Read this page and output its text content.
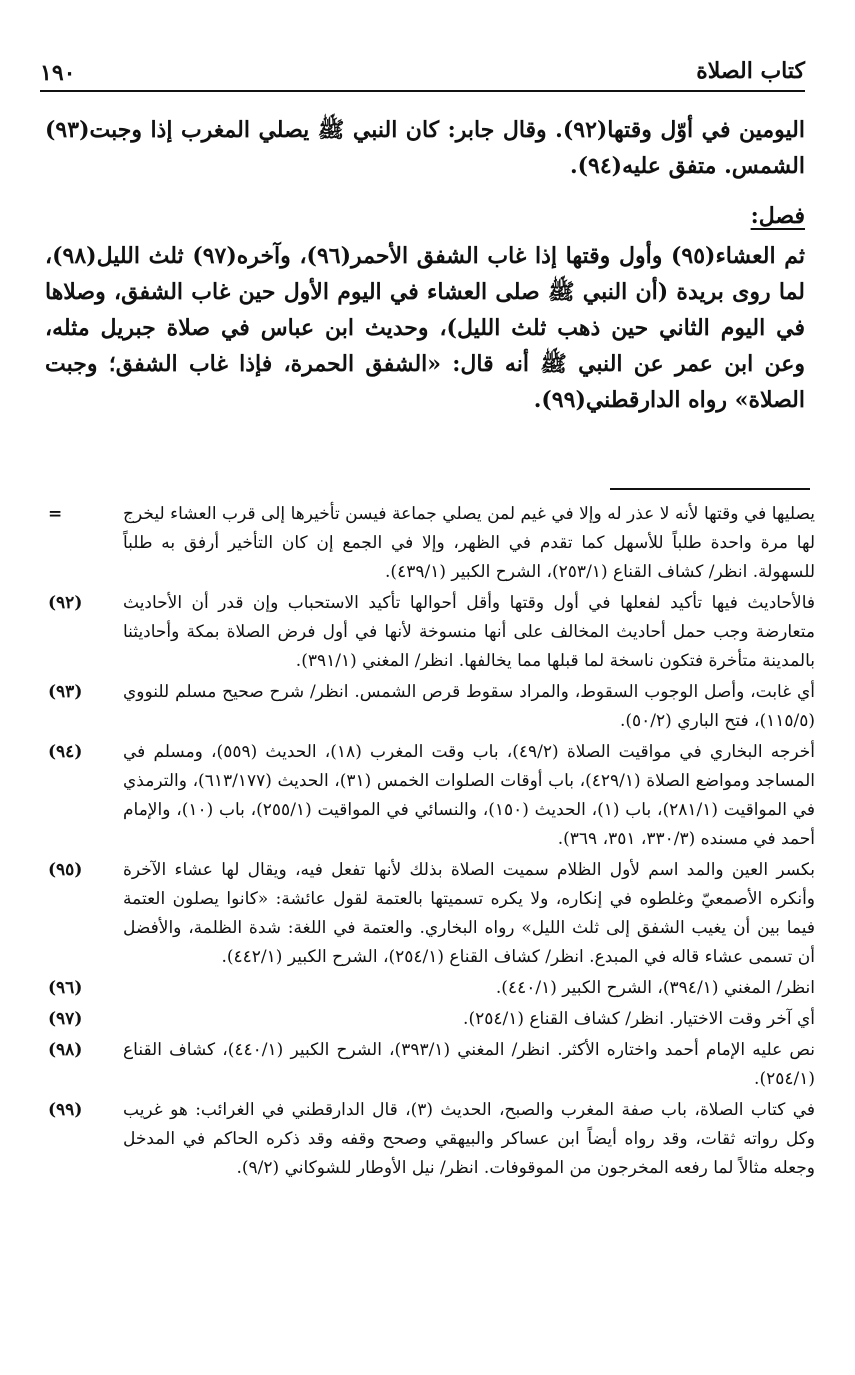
كتاب الصلاة
١٩٠

اليومين في أوّل وقتها(٩٢). وقال جابر: كان النبي ﷺ يصلي المغرب إذا وجبت(٩٣) الشمس. متفق عليه(٩٤).

فصل:

ثم العشاء(٩٥) وأول وقتها إذا غاب الشفق الأحمر(٩٦)، وآخره(٩٧) ثلث الليل(٩٨)، لما روى بريدة (أن النبي ﷺ صلى العشاء في اليوم الأول حين غاب الشفق، وصلاها في اليوم الثاني حين ذهب ثلث الليل)، وحديث ابن عباس في صلاة جبريل مثله، وعن ابن عمر عن النبي ﷺ أنه قال: «الشفق الحمرة، فإذا غاب الشفق؛ وجبت الصلاة» رواه الدارقطني(٩٩).

يصليها في وقتها لأنه لا عذر له وإلا في غيم لمن يصلي جماعة فيسن تأخيرها إلى قرب العشاء ليخرج لها مرة واحدة طلباً للأسهل كما تقدم في الظهر، وإلا في الجمع إن كان التأخير أرفق به طلباً للسهولة. انظر/ كشاف القناع (٢٥٣/١)، الشرح الكبير (٤٣٩/١).
=
فالأحاديث فيها تأكيد لفعلها في أول وقتها وأقل أحوالها تأكيد الاستحباب وإن قدر أن الأحاديث متعارضة وجب حمل أحاديث المخالف على أنها منسوخة لأنها في أول فرض الصلاة بمكة وأحاديثنا بالمدينة متأخرة فتكون ناسخة لما قبلها مما يخالفها. انظر/ المغني (٣٩١/١).
(٩٢)
أي غابت، وأصل الوجوب السقوط، والمراد سقوط قرص الشمس. انظر/ شرح صحيح مسلم للنووي (١١٥/٥)، فتح الباري (٥٠/٢).
(٩٣)
أخرجه البخاري في مواقيت الصلاة (٤٩/٢)، باب وقت المغرب (١٨)، الحديث (٥٥٩)، ومسلم في المساجد ومواضع الصلاة (٤٢٩/١)، باب أوقات الصلوات الخمس (٣١)، الحديث (٦١٣/١٧٧)، والترمذي في المواقيت (٢٨١/١)، باب (١)، الحديث (١٥٠)، والنسائي في المواقيت (٢٥٥/١)، باب (١٠)، والإمام أحمد في مسنده (٣٣٠/٣، ٣٥١، ٣٦٩).
(٩٤)
بكسر العين والمد اسم لأول الظلام سميت الصلاة بذلك لأنها تفعل فيه، ويقال لها عشاء الآخرة وأنكره الأصمعيّ وغلطوه في إنكاره، ولا يكره تسميتها بالعتمة لقول عائشة: «كانوا يصلون العتمة فيما بين أن يغيب الشفق إلى ثلث الليل» رواه البخاري. والعتمة في اللغة: شدة الظلمة، والأفضل أن تسمى عشاء قاله في المبدع. انظر/ كشاف القناع (٢٥٤/١)، الشرح الكبير (٤٤٢/١).
(٩٥)
انظر/ المغني (٣٩٤/١)، الشرح الكبير (٤٤٠/١).
(٩٦)
أي آخر وقت الاختيار. انظر/ كشاف القناع (٢٥٤/١).
(٩٧)
نص عليه الإمام أحمد واختاره الأكثر. انظر/ المغني (٣٩٣/١)، الشرح الكبير (٤٤٠/١)، كشاف القناع (٢٥٤/١).
(٩٨)
في كتاب الصلاة، باب صفة المغرب والصبح، الحديث (٣)، قال الدارقطني في الغرائب: هو غريب وكل رواته ثقات، وقد رواه أيضاً ابن عساكر والبيهقي وصحح وقفه وقد ذكره الحاكم في المدخل وجعله مثالاً لما رفعه المخرجون من الموقوفات. انظر/ نيل الأوطار للشوكاني (٩/٢).
(٩٩)
